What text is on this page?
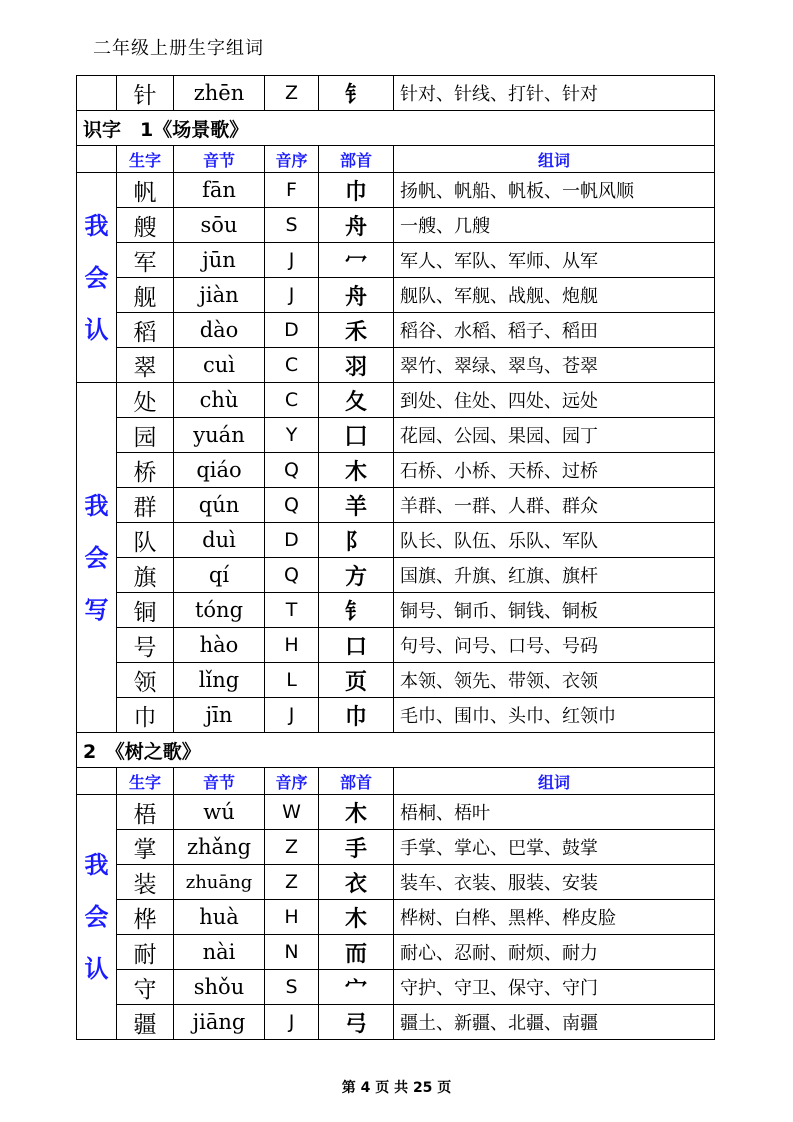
二年级上册生字组词
	针	zhēn	Z	钅	针对、针线、打针、针对
识字　1《场景歌》					
	生字	音节	音序	部首	组词

我
会
认	帆	fān	F	巾	扬帆、帆船、帆板、一帆风顺
	艘	sōu	S	舟	一艘、几艘
	军	jūn	J	冖	军人、军队、军师、从军
	舰	jiàn	J	舟	舰队、军舰、战舰、炮舰
	稻	dào	D	禾	稻谷、水稻、稻子、稻田
	翠	cuì	C	羽	翠竹、翠绿、翠鸟、苍翠

我
会
写	处	chù	C	夂	到处、住处、四处、远处
	园	yuán	Y	囗	花园、公园、果园、园丁
	桥	qiáo	Q	木	石桥、小桥、天桥、过桥
	群	qún	Q	羊	羊群、一群、人群、群众
	队	duì	D	阝	队长、队伍、乐队、军队
	旗	qí	Q	方	国旗、升旗、红旗、旗杆
	铜	tóng	T	钅	铜号、铜币、铜钱、铜板
	号	hào	H	口	句号、问号、口号、号码
	领	lǐng	L	页	本领、领先、带领、衣领
	巾	jīn	J	巾	毛巾、围巾、头巾、红领巾
2　《树之歌》					
	生字	音节	音序	部首	组词

我
会
认	梧	wú	W	木	梧桐、梧叶
	掌	zhǎng	Z	手	手掌、掌心、巴掌、鼓掌
	装	zhuāng	Z	衣	装车、衣装、服装、安装
	桦	huà	H	木	桦树、白桦、黑桦、桦皮脸
	耐	nài	N	而	耐心、忍耐、耐烦、耐力
	守	shǒu	S	宀	守护、守卫、保守、守门
	疆	jiāng	J	弓	疆土、新疆、北疆、南疆
第 4 页 共 25 页
